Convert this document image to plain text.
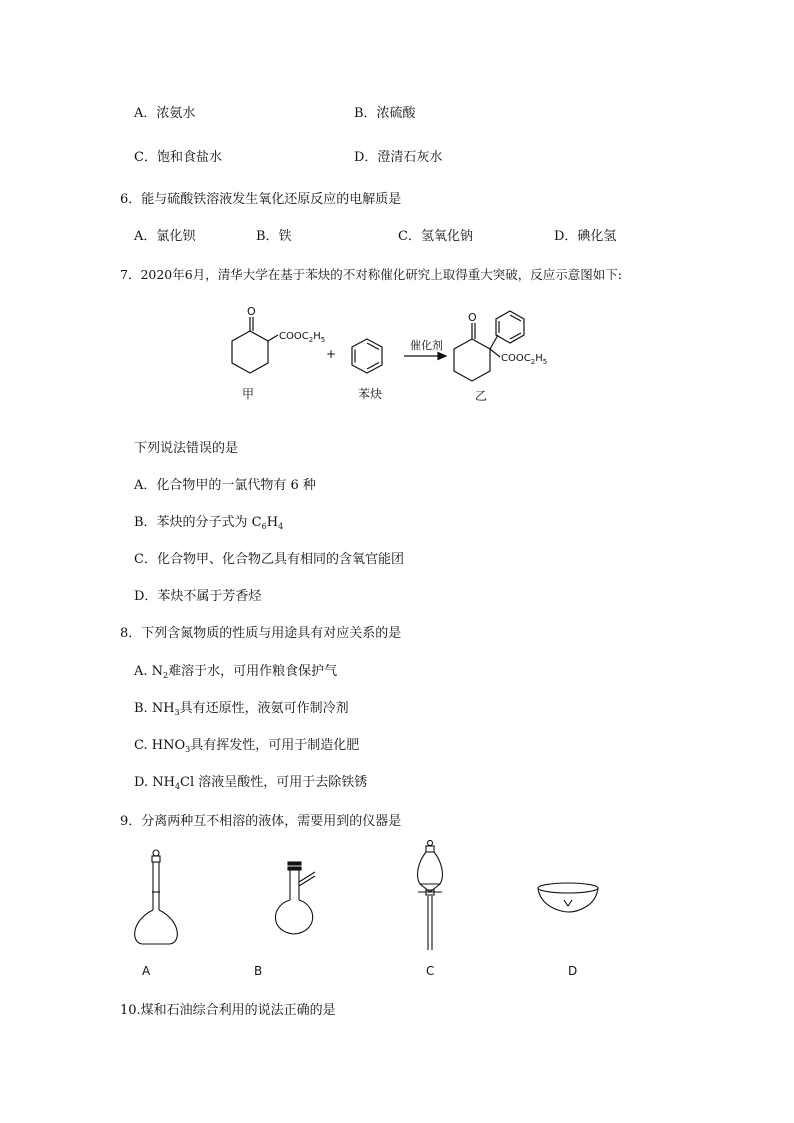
A．浓氨水	B．浓硫酸
C．饱和食盐水	D．澄清石灰水
6．能与硫酸铁溶液发生氧化还原反应的电解质是
A．氯化钡	B．铁	C．氢氧化钠	D．碘化氢
7．2020年6月，清华大学在基于苯炔的不对称催化研究上取得重大突破，反应示意图如下:
O
$COOC_2H_5$
甲
+
苯炔
催化剂
O
$COOC_2H_5$
乙
下列说法错误的是
A．化合物甲的一氯代物有 6 种
B．苯炔的分子式为 $C_6H_4$
C．化合物甲、化合物乙具有相同的含氧官能团
D．苯炔不属于芳香烃
8．下列含氮物质的性质与用途具有对应关系的是
A. $N_2$难溶于水，可用作粮食保护气
B. $NH_3$具有还原性，液氨可作制冷剂
C. $HNO_3$具有挥发性，可用于制造化肥
D. $NH_4Cl$ 溶液呈酸性，可用于去除铁锈
9．分离两种互不相溶的液体，需要用到的仪器是
A	B	C	D
10.煤和石油综合利用的说法正确的是
